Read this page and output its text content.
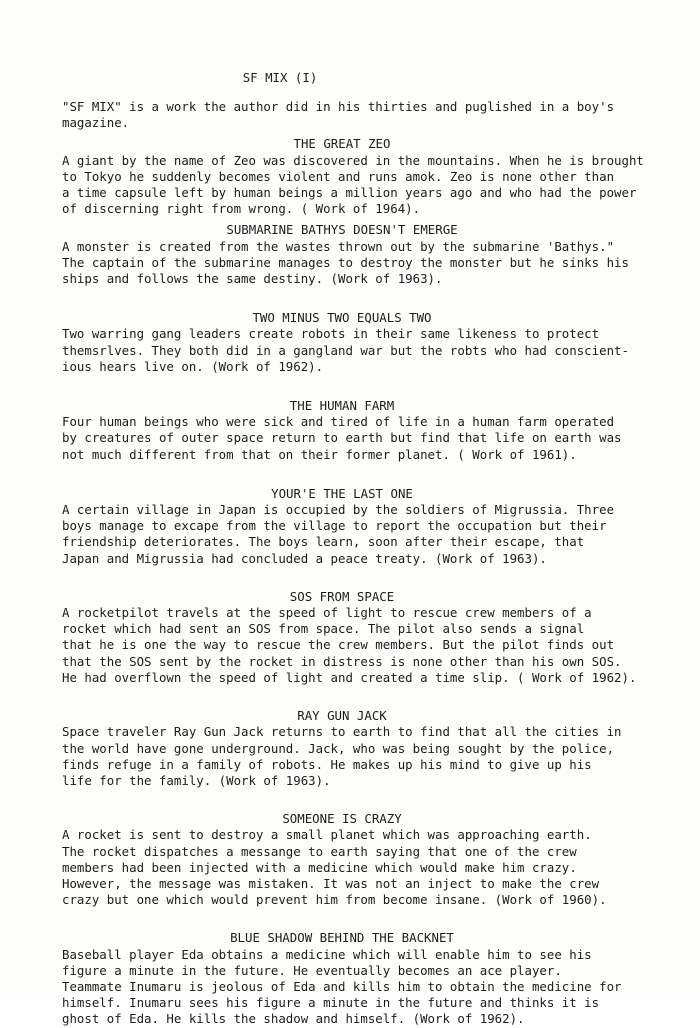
SF MIX (I)
"SF MIX" is a work the author did in his thirties and puglished in a boy's
magazine.
THE GREAT ZEO
A giant by the name of Zeo was discovered in the mountains. When he is brought
to Tokyo he suddenly becomes violent and runs amok. Zeo is none other than
a time capsule left by human beings a million years ago and who had the power
of discerning right from wrong. ( Work of 1964).
SUBMARINE BATHYS DOESN'T EMERGE
A monster is created from the wastes thrown out by the submarine 'Bathys."
The captain of the submarine manages to destroy the monster but he sinks his
ships and follows the same destiny. (Work of 1963).
TWO MINUS TWO EQUALS TWO
Two warring gang leaders create robots in their same likeness to protect
themsrlves. They both did in a gangland war but the robts who had conscient-
ious hears live on. (Work of 1962).
THE HUMAN FARM
Four human beings who were sick and tired of life in a human farm operated
by creatures of outer space return to earth but find that life on earth was
not much different from that on their former planet. ( Work of 1961).
YOUR'E THE LAST ONE
A certain village in Japan is occupied by the soldiers of Migrussia. Three
boys manage to excape from the village to report the occupation but their
friendship deteriorates. The boys learn, soon after their escape, that
Japan and Migrussia had concluded a peace treaty. (Work of 1963).
SOS FROM SPACE
A rocketpilot travels at the speed of light to rescue crew members of a
rocket which had sent an SOS from space. The pilot also sends a signal
that he is one the way to rescue the crew members. But the pilot finds out
that the SOS sent by the rocket in distress is none other than his own SOS.
He had overflown the speed of light and created a time slip. ( Work of 1962).
RAY GUN JACK
Space traveler Ray Gun Jack returns to earth to find that all the cities in
the world have gone underground. Jack, who was being sought by the police,
finds refuge in a family of robots. He makes up his mind to give up his
life for the family. (Work of 1963).
SOMEONE IS CRAZY
A rocket is sent to destroy a small planet which was approaching earth.
The rocket dispatches a messange to earth saying that one of the crew
members had been injected with a medicine which would make him crazy.
However, the message was mistaken. It was not an inject to make the crew
crazy but one which would prevent him from become insane. (Work of 1960).
BLUE SHADOW BEHIND THE BACKNET
Baseball player Eda obtains a medicine which will enable him to see his
figure a minute in the future. He eventually becomes an ace player.
Teammate Inumaru is jeolous of Eda and kills him to obtain the medicine for
himself. Inumaru sees his figure a minute in the future and thinks it is
ghost of Eda. He kills the shadow and himself. (Work of 1962).
